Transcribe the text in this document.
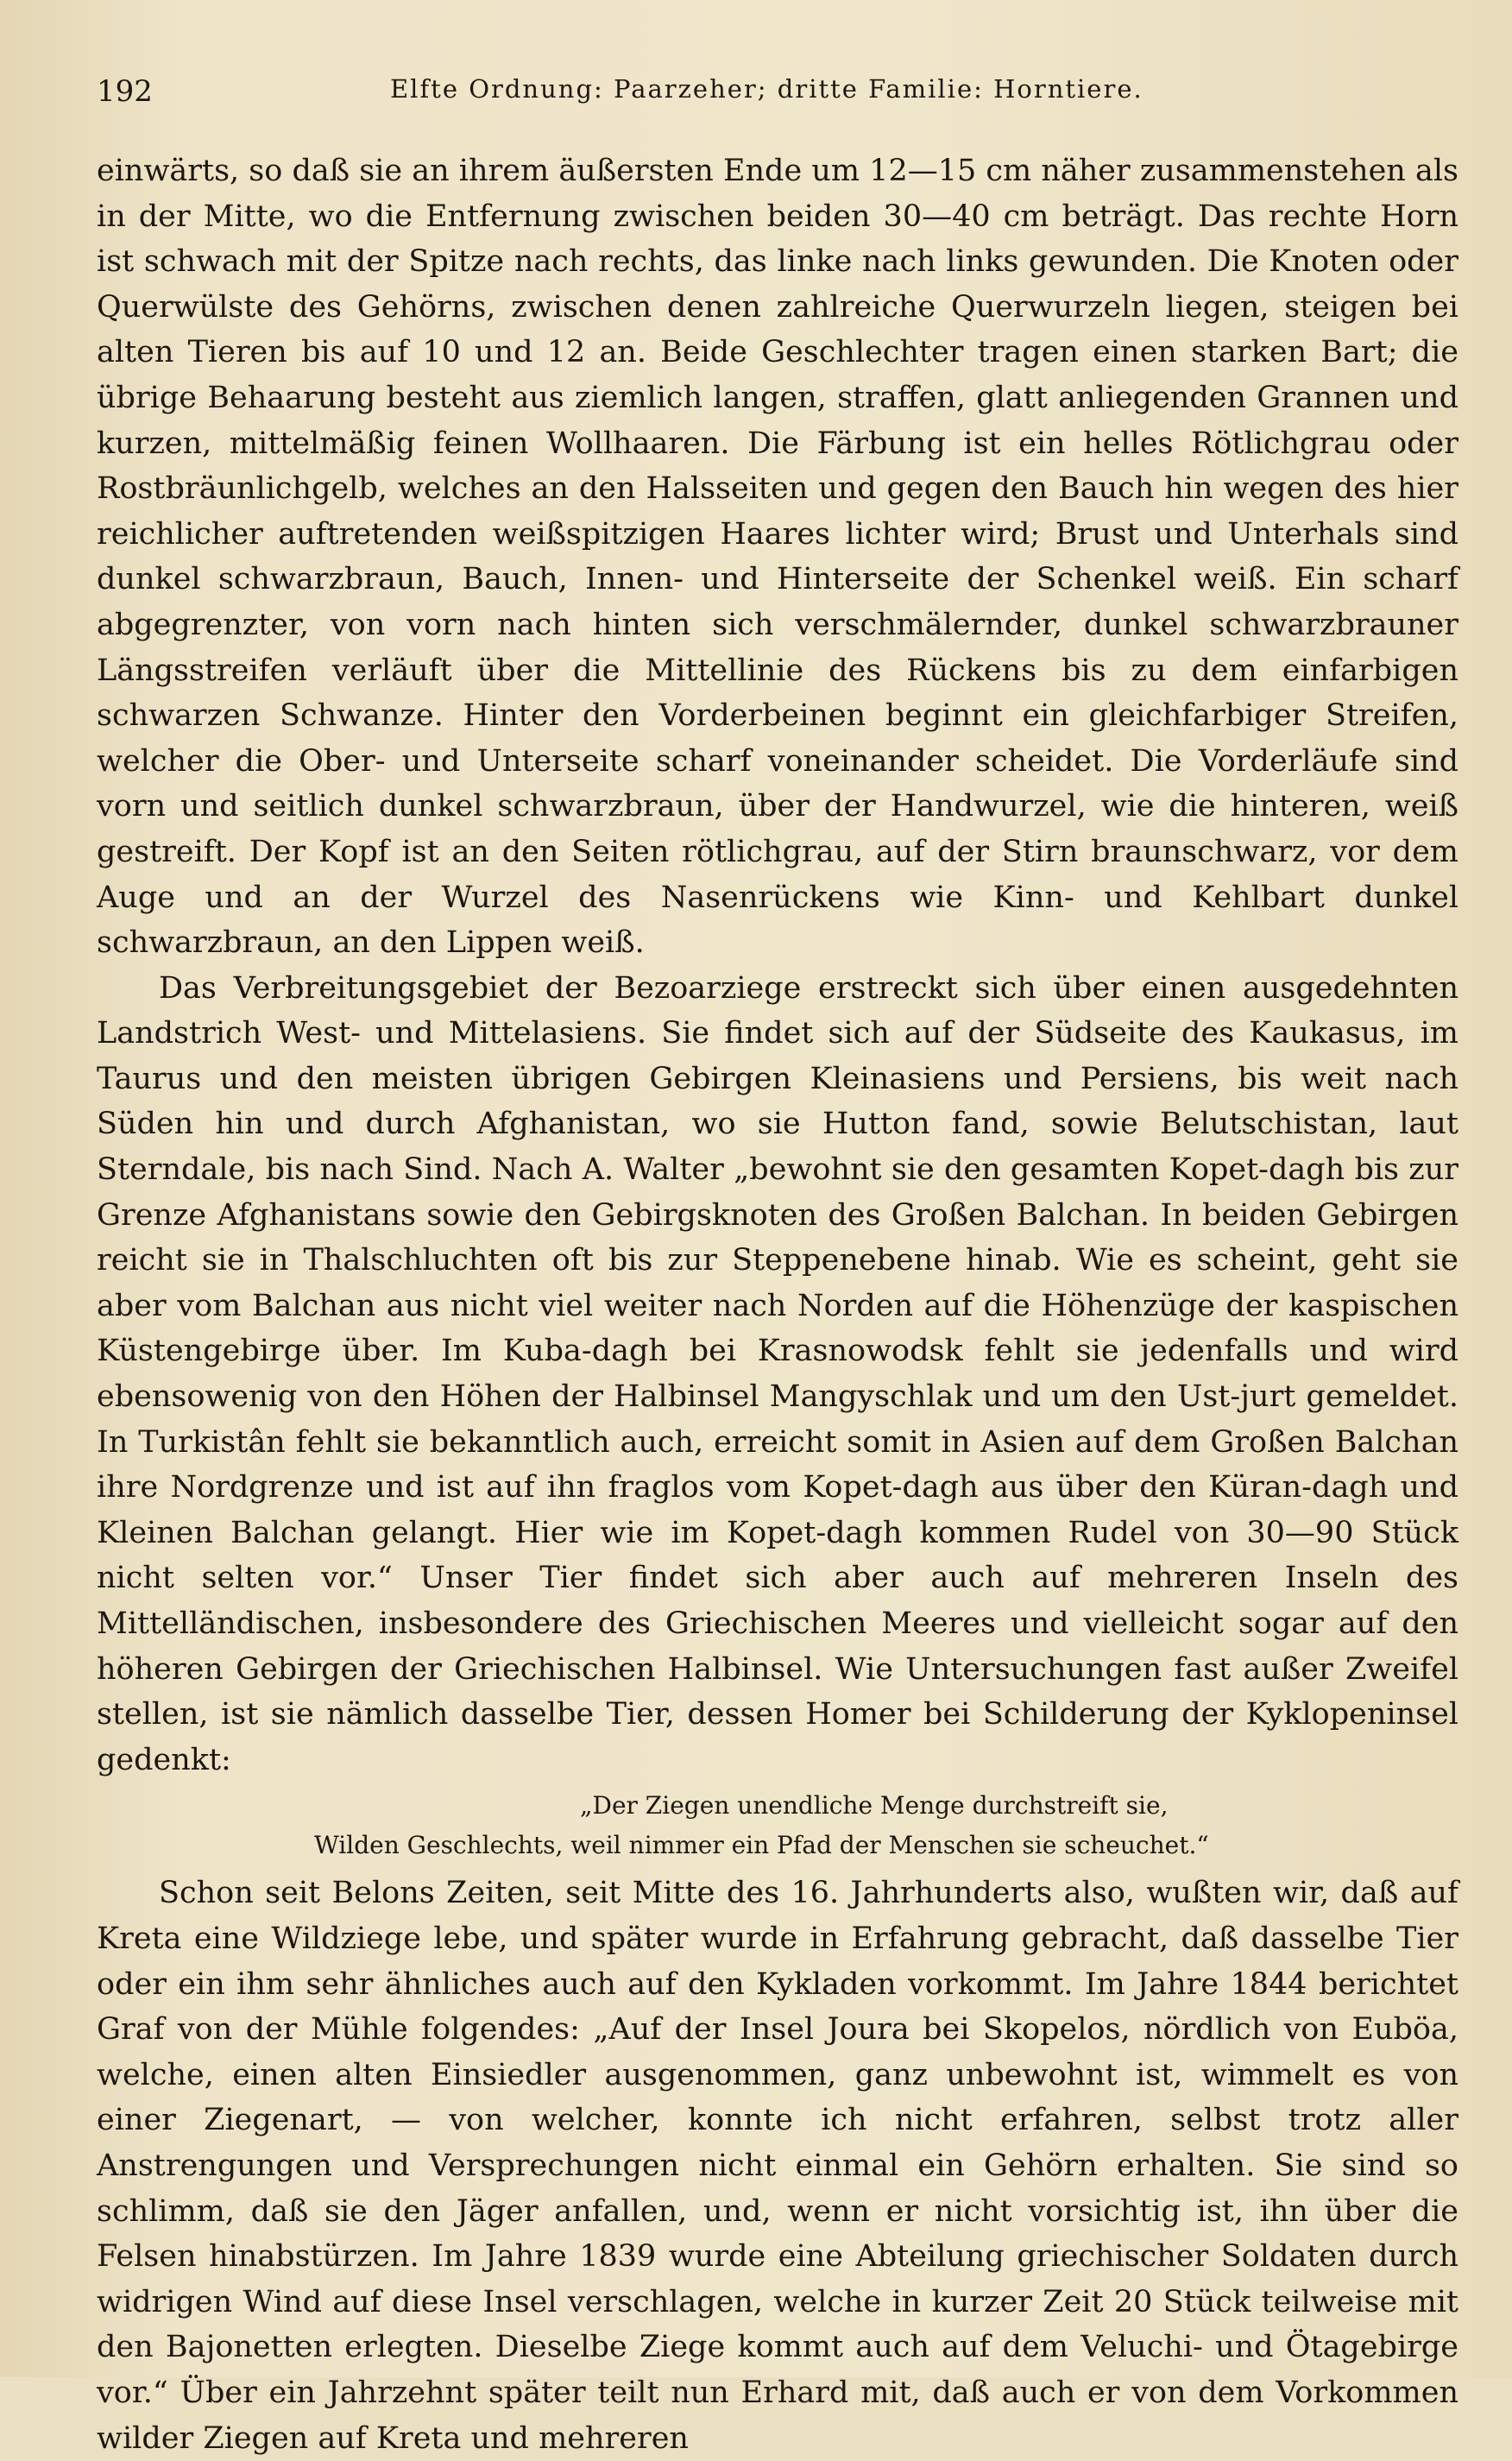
192	Elfte Ordnung: Paarzeher; dritte Familie: Horntiere.

einwärts, so daß sie an ihrem äußersten Ende um 12—15 cm näher zusammenstehen als in der Mitte, wo die Entfernung zwischen beiden 30—40 cm beträgt. Das rechte Horn ist schwach mit der Spitze nach rechts, das linke nach links gewunden. Die Knoten oder Querwülste des Gehörns, zwischen denen zahlreiche Querwurzeln liegen, steigen bei alten Tieren bis auf 10 und 12 an. Beide Geschlechter tragen einen starken Bart; die übrige Behaarung besteht aus ziemlich langen, straffen, glatt anliegenden Grannen und kurzen, mittelmäßig feinen Wollhaaren. Die Färbung ist ein helles Rötlichgrau oder Rostbräunlichgelb, welches an den Halsseiten und gegen den Bauch hin wegen des hier reichlicher auftretenden weißspitzigen Haares lichter wird; Brust und Unterhals sind dunkel schwarzbraun, Bauch, Innen- und Hinterseite der Schenkel weiß. Ein scharf abgegrenzter, von vorn nach hinten sich verschmälernder, dunkel schwarzbrauner Längsstreifen verläuft über die Mittellinie des Rückens bis zu dem einfarbigen schwarzen Schwanze. Hinter den Vorderbeinen beginnt ein gleichfarbiger Streifen, welcher die Ober- und Unterseite scharf voneinander scheidet. Die Vorderläufe sind vorn und seitlich dunkel schwarzbraun, über der Handwurzel, wie die hinteren, weiß gestreift. Der Kopf ist an den Seiten rötlichgrau, auf der Stirn braunschwarz, vor dem Auge und an der Wurzel des Nasenrückens wie Kinn- und Kehlbart dunkel schwarzbraun, an den Lippen weiß.

Das Verbreitungsgebiet der Bezoarziege erstreckt sich über einen ausgedehnten Landstrich West- und Mittelasiens. Sie findet sich auf der Südseite des Kaukasus, im Taurus und den meisten übrigen Gebirgen Kleinasiens und Persiens, bis weit nach Süden hin und durch Afghanistan, wo sie Hutton fand, sowie Belutschistan, laut Sterndale, bis nach Sind. Nach A. Walter „bewohnt sie den gesamten Kopet-dagh bis zur Grenze Afghanistans sowie den Gebirgsknoten des Großen Balchan. In beiden Gebirgen reicht sie in Thalschluchten oft bis zur Steppenebene hinab. Wie es scheint, geht sie aber vom Balchan aus nicht viel weiter nach Norden auf die Höhenzüge der kaspischen Küstengebirge über. Im Kuba-dagh bei Krasnowodsk fehlt sie jedenfalls und wird ebensowenig von den Höhen der Halbinsel Mangyschlak und um den Ust-jurt gemeldet. In Turkistân fehlt sie bekanntlich auch, erreicht somit in Asien auf dem Großen Balchan ihre Nordgrenze und ist auf ihn fraglos vom Kopet-dagh aus über den Küran-dagh und Kleinen Balchan gelangt. Hier wie im Kopet-dagh kommen Rudel von 30—90 Stück nicht selten vor.“ Unser Tier findet sich aber auch auf mehreren Inseln des Mittelländischen, insbesondere des Griechischen Meeres und vielleicht sogar auf den höheren Gebirgen der Griechischen Halbinsel. Wie Untersuchungen fast außer Zweifel stellen, ist sie nämlich dasselbe Tier, dessen Homer bei Schilderung der Kyklopeninsel gedenkt:

„Der Ziegen unendliche Menge durchstreift sie,
Wilden Geschlechts, weil nimmer ein Pfad der Menschen sie scheuchet.“

Schon seit Belons Zeiten, seit Mitte des 16. Jahrhunderts also, wußten wir, daß auf Kreta eine Wildziege lebe, und später wurde in Erfahrung gebracht, daß dasselbe Tier oder ein ihm sehr ähnliches auch auf den Kykladen vorkommt. Im Jahre 1844 berichtet Graf von der Mühle folgendes: „Auf der Insel Joura bei Skopelos, nördlich von Euböa, welche, einen alten Einsiedler ausgenommen, ganz unbewohnt ist, wimmelt es von einer Ziegenart, — von welcher, konnte ich nicht erfahren, selbst trotz aller Anstrengungen und Versprechungen nicht einmal ein Gehörn erhalten. Sie sind so schlimm, daß sie den Jäger anfallen, und, wenn er nicht vorsichtig ist, ihn über die Felsen hinabstürzen. Im Jahre 1839 wurde eine Abteilung griechischer Soldaten durch widrigen Wind auf diese Insel verschlagen, welche in kurzer Zeit 20 Stück teilweise mit den Bajonetten erlegten. Dieselbe Ziege kommt auch auf dem Veluchi- und Ötagebirge vor.“ Über ein Jahrzehnt später teilt nun Erhard mit, daß auch er von dem Vorkommen wilder Ziegen auf Kreta und mehreren
